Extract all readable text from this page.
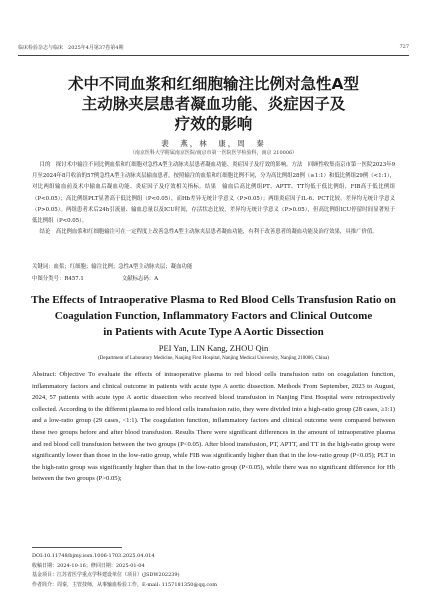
临床检验杂志与临床　 2025年4月第37卷第4期	727
术中不同血浆和红细胞输注比例对急性A型
主动脉夹层患者凝血功能、炎症因子及
疗效的影响
裴　燕，林　康，周　秦
（南京医科大学附属南京医院/南京市第一医院医学检验科，南京 210006）

目的　探讨术中输注不同比例血浆和红细胞对急性A型主动脉夹层患者凝血功能、炎症因子及疗效的影响。方法　回顾性收集南京市第一医院2023年9月至2024年8月收治的57例急性A型主动脉夹层输血患者，按照输注的血浆和红细胞比例不同，分为高比例组28例（≥1:1）和低比例组29例（<1:1），对比两组输血前及术中输血后凝血功能、炎症因子及疗效相关指标。结果　输血后高比例组PT、APTT、TT均低于低比例组，FIB高于低比例组（P<0.05）；高比例组PLT显著高于低比例组（P<0.05），而Hb差异无统计学意义（P>0.05）；两组炎症因子IL-6、PCT比较，差异均无统计学意义（P>0.05）。两组患者术后24h引流量、输血总量以及ICU时间，存活状态比较，差异均无统计学意义（P>0.05），但高比例组ICU停留时间显著短于低比例组（P<0.05）。

结论　高比例血浆和红细胞输注可在一定程度上改善急性A型主动脉夹层患者凝血功能，有利于改善患者的凝血功能及治疗效果，具推广价值。

关键词：血浆；红细胞；输注比例；急性A型主动脉夹层；凝血功能
中图分类号：R457.1	文献标志码：A
The Effects of Intraoperative Plasma to Red Blood Cells Transfusion Ratio on
Coagulation Function, Inflammatory Factors and Clinical Outcome
in Patients with Acute Type A Aortic Dissection
PEI Yan, LIN Kang, ZHOU Qin
(Department of Laboratory Medicine, Nanjing First Hospital, Nanjing Medical University, Nanjing 210006, China)

Abstract: Objective To evaluate the effects of intraoperative plasma to red blood cells transfusion ratio on coagulation function, inflammatory factors and clinical outcome in patients with acute type A aortic dissection. Methods From September, 2023 to August, 2024, 57 patients with acute type A aortic dissection who received blood transfusion in Nanjing First Hospital were retrospectively collected. According to the different plasma to red blood cells transfusion ratio, they were divided into a high-ratio group (28 cases, ≥1:1) and a low-ratio group (29 cases, <1:1). The coagulation function, inflammatory factors and clinical outcome were compared between these two groups before and after blood transfusion. Results There were significant differences in the amount of intraoperative plasma and red blood cell transfusion between the two groups (P<0.05). After blood transfusion, PT, APTT, and TT in the high-ratio group were significantly lower than those in the low-ratio group, while FIB was significantly higher than that in the low-ratio group (P<0.05); PLT in the high-ratio group was significantly higher than that in the low-ratio group (P<0.05), while there was no significant difference for Hb between the two groups (P>0.05);

DOI:10.11748/bjmy.issn.1006-1703.2025.04.014
收稿日期：2024-10-16；修回日期：2025-01-04
基金项目：江苏省医学重点学科建设单位（项目）(JSDW202239)
作者简介：周秦，主管技师，从事输血检验工作，E-mail: 1157181350@qq.com
